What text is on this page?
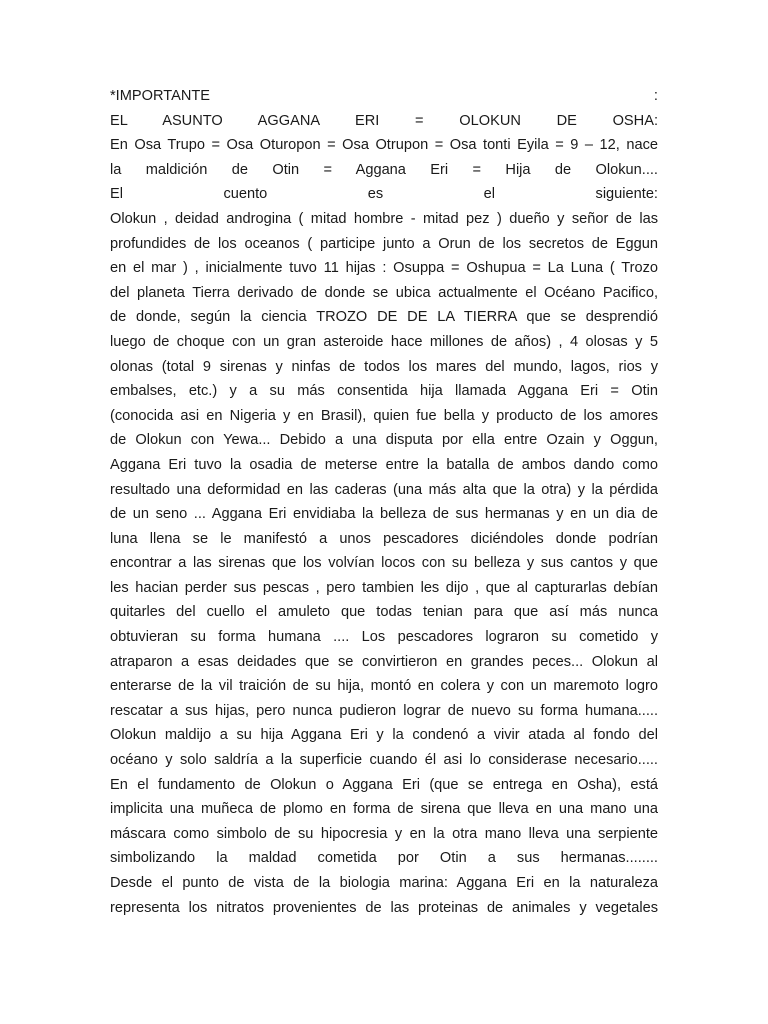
*IMPORTANTE :
EL ASUNTO AGGANA ERI = OLOKUN DE OSHA:
En Osa Trupo = Osa Oturopon = Osa Otrupon = Osa tonti Eyila = 9 – 12, nace
la maldición de Otin = Aggana Eri = Hija de Olokun....
El cuento es el siguiente:
Olokun , deidad androgina ( mitad hombre - mitad pez ) dueño y señor de las
profundides de los oceanos ( participe junto a Orun de los secretos de Eggun
en el mar ) , inicialmente tuvo 11 hijas : Osuppa = Oshupua = La Luna ( Trozo
del planeta Tierra derivado de donde se ubica actualmente el Océano Pacifico,
de donde, según la ciencia TROZO DE DE LA TIERRA que se desprendió
luego de choque con un gran asteroide hace millones de años) , 4 olosas y 5
olonas (total 9 sirenas y ninfas de todos los mares del mundo, lagos, rios y
embalses, etc.) y a su más consentida hija llamada Aggana Eri = Otin
(conocida asi en Nigeria y en Brasil), quien fue bella y producto de los amores
de Olokun con Yewa... Debido a una disputa por ella entre Ozain y Oggun,
Aggana Eri tuvo la osadia de meterse entre la batalla de ambos dando como
resultado una deformidad en las caderas (una más alta que la otra) y la pérdida
de un seno ... Aggana Eri envidiaba la belleza de sus hermanas y en un dia de
luna llena se le manifestó a unos pescadores diciéndoles donde podrían
encontrar a las sirenas que los volvían locos con su belleza y sus cantos y que
les hacian perder sus pescas , pero tambien les dijo , que al capturarlas debían
quitarles del cuello el amuleto que todas tenian para que así más nunca
obtuvieran su forma humana .... Los pescadores lograron su cometido y
atraparon a esas deidades que se convirtieron en grandes peces... Olokun al
enterarse de la vil traición de su hija, montó en colera y con un maremoto logro
rescatar a sus hijas, pero nunca pudieron lograr de nuevo su forma humana.....
Olokun maldijo a su hija Aggana Eri y la condenó a vivir atada al fondo del
océano y solo saldría a la superficie cuando él asi lo considerase necesario.....
En el fundamento de Olokun o Aggana Eri (que se entrega en Osha), está
implicita una muñeca de plomo en forma de sirena que lleva en una mano una
máscara como simbolo de su hipocresia y en la otra mano lleva una serpiente
simbolizando la maldad cometida por Otin a sus hermanas........
Desde el punto de vista de la biologia marina: Aggana Eri en la naturaleza
representa los nitratos provenientes de las proteinas de animales y vegetales
